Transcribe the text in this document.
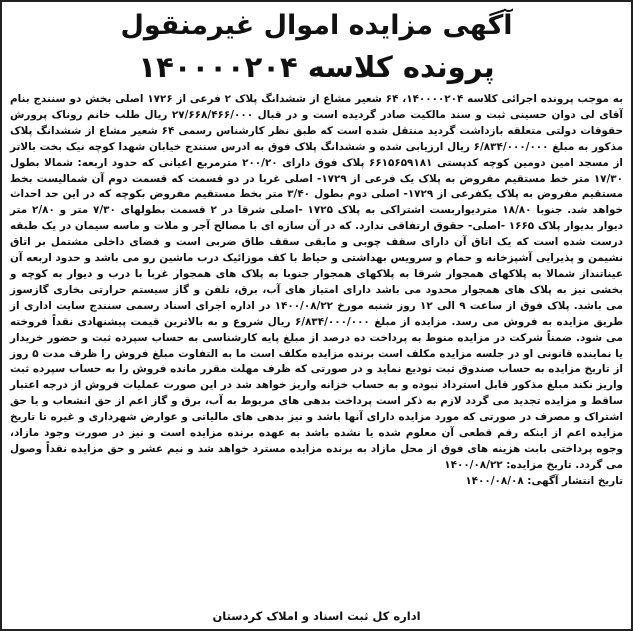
آگهی مزایده اموال غیرمنقول
پرونده کلاسه ۱۴۰۰۰۰۲۰۴

به موجب پرونده اجرائی کلاسه ۱۴۰۰۰۰۲۰۴، ۶۴ شعیر مشاع از ششدانگ پلاک ۲ فرعی از ۱۷۲۶ اصلی بخش دو سنندج بنام آقای لی دوان حسینی ثبت و سند مالکیت صادر گردیده است و در قبال ۲۷/۶۶۸/۴۶۶/۰۰۰ ریال طلب خانم روناک پرورش حقوقات دولتی متعلقه بازداشت گردید منتقل شده است که طبق نظر کارشناس رسمی ۶۴ شعیر مشاع از ششدانگ پلاک مذکور به مبلغ ۶/۸۳۴/۰۰۰/۰۰۰ ریال ارزیابی شده و ششدانگ پلاک فوق به ادرس سنندج خیابان شهدا کوچه نیک بخت بالاتر از مسجد امین دومین کوچه کدپستی ۶۶۱۵۶۵۹۱۸۱ پلاک فوق دارای ۲۰۰/۲۰ مترمربع اعیانی که حدود اربعه: شمالا بطول ۱۷/۳۰ متر خط مستقیم مفروض به پلاک یک فرعی از ۱۷۲۹- اصلی غربا در دو قسمت که قسمت دوم آن شمالیست بخط مستقیم مفروض به پلاک یکفرعی از ۱۷۲۹- اصلی دوم بطول ۳/۴۰ متر بخط مستقیم مفروض بکوچه که در این حد احداث خواهد شد. جنوبا ۱۸/۸۰ مترديواربست اشتراکی به پلاک ۱۷۲۵ -اصلی شرقا در ۲ قسمت بطولهای ۷/۳۰ متر و ۲/۸۰ متر دیوار بدیوار پلاک ۱۶۶۵ -اصلی- حقوق ارتفاقی ندارد. که در آن سازه ای با مصالح آجر و ملات و ماسه سیمان در یک طبقه درست شده است که یک اتاق آن دارای سقف چوبی و مابقی سقف طاق ضربی است و فضای داخلی مشتمل بر اتاق نشیمن و پذیرایی آشپزخانه و حمام و سرویس بهداشتی و حیاط با کف موزائیک درب ماشین رو می باشد و حدود اربعه آن عیناتنداز شمالا به پلاکهای همجوار شرقا به پلاکهای همجوار جنوبا به پلاک های همجوار غربا با درب و دیوار به کوچه و بخشی نیز به پلاک های همجوار محدود می باشد دارای امتیاز های آب، برق، تلفن و گاز سیستم حرارتی بخاری گازسوز می باشد. پلاک فوق از ساعت ۹ الی ۱۲ روز شنبه مورخ ۱۴۰۰/۰۸/۲۲ در اداره اجرای اسناد رسمی سنندج سایت اداری از طریق مزایده به فروش می رسد. مزایده از مبلغ ۶/۸۳۴/۰۰۰/۰۰۰ ریال شروع و به بالاترین قیمت پیشنهادی نقداً فروخته می شود. ضمناً شرکت در مزایده منوط به پرداخت ده درصد از مبلغ پایه کارشناسی به حساب سپرده ثبت و حضور خریدار یا نماینده قانونی او در جلسه مزایده مکلف است برنده مزایده مکلف است ما به التفاوت مبلغ فروش را ظرف مدت ۵ روز از تاریخ مزایده به حساب صندوق ثبت تودیع نماید و در صورتی که ظرف مهلت مقرر مانده فروش را به حساب سپرده ثبت واریز نکند مبلغ مذکور قابل استرداد نبوده و به حساب خزانه واریز خواهد شد در این صورت عملیات فروش از درجه اعتبار ساقط و مزایده تجدید می گردد لازم به ذکر است پرداخت بدهی های مربوط به آب، برق و گاز اعم از حق انشعاب و یا حق اشتراک و مصرف در صورتی که مورد مزایده دارای آنها باشد و نیز بدهی های مالیاتی و عوارض شهرداری و غیره تا تاریخ مزایده اعم از اینکه رقم قطعی آن معلوم شده یا نشده باشد به عهده برنده مزایده است و نیز در صورت وجود مازاد، وجوه پرداختی بابت هزینه های فوق از محل مازاد به برنده مزایده مسترد خواهد شد و نیم عشر و حق مزایده نقداً وصول می گردد. تاریخ مزایده: ۱۴۰۰/۰۸/۲۲

تاریخ انتشار آگهی: ۱۴۰۰/۰۸/۰۸

اداره کل ثبت اسناد و املاک کردستان
